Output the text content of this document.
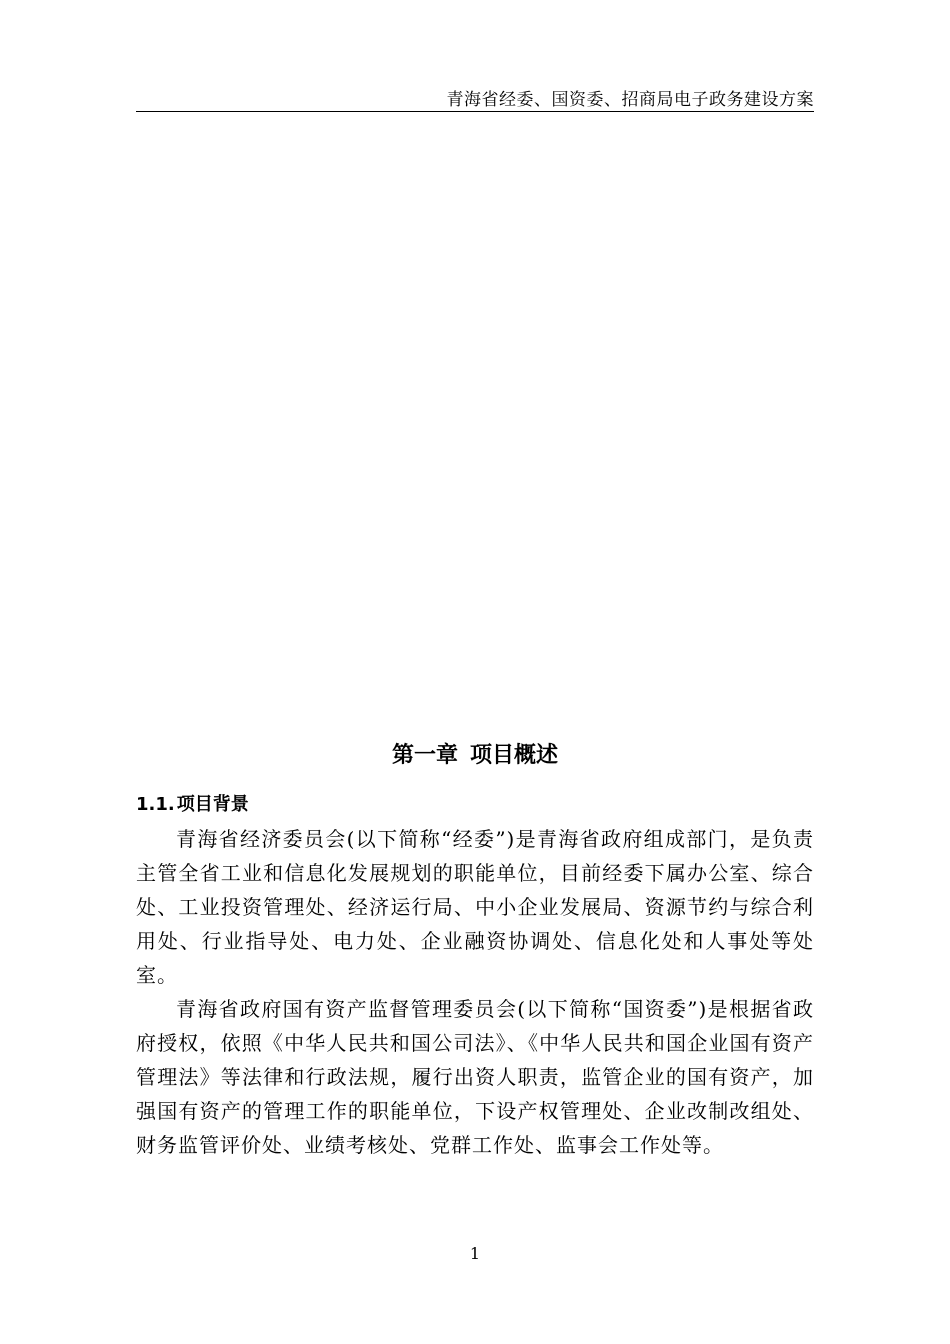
青海省经委、国资委、招商局电子政务建设方案
第一章 项目概述
1.1. 项目背景

青海省经济委员会(以下简称“经委”)是青海省政府组成部门，是负责主管全省工业和信息化发展规划的职能单位，目前经委下属办公室、综合处、工业投资管理处、经济运行局、中小企业发展局、资源节约与综合利用处、行业指导处、电力处、企业融资协调处、信息化处和人事处等处室。

青海省政府国有资产监督管理委员会(以下简称“国资委”)是根据省政府授权，依照《中华人民共和国公司法》、《中华人民共和国企业国有资产管理法》等法律和行政法规，履行出资人职责，监管企业的国有资产，加强国有资产的管理工作的职能单位，下设产权管理处、企业改制改组处、财务监管评价处、业绩考核处、党群工作处、监事会工作处等。

1
